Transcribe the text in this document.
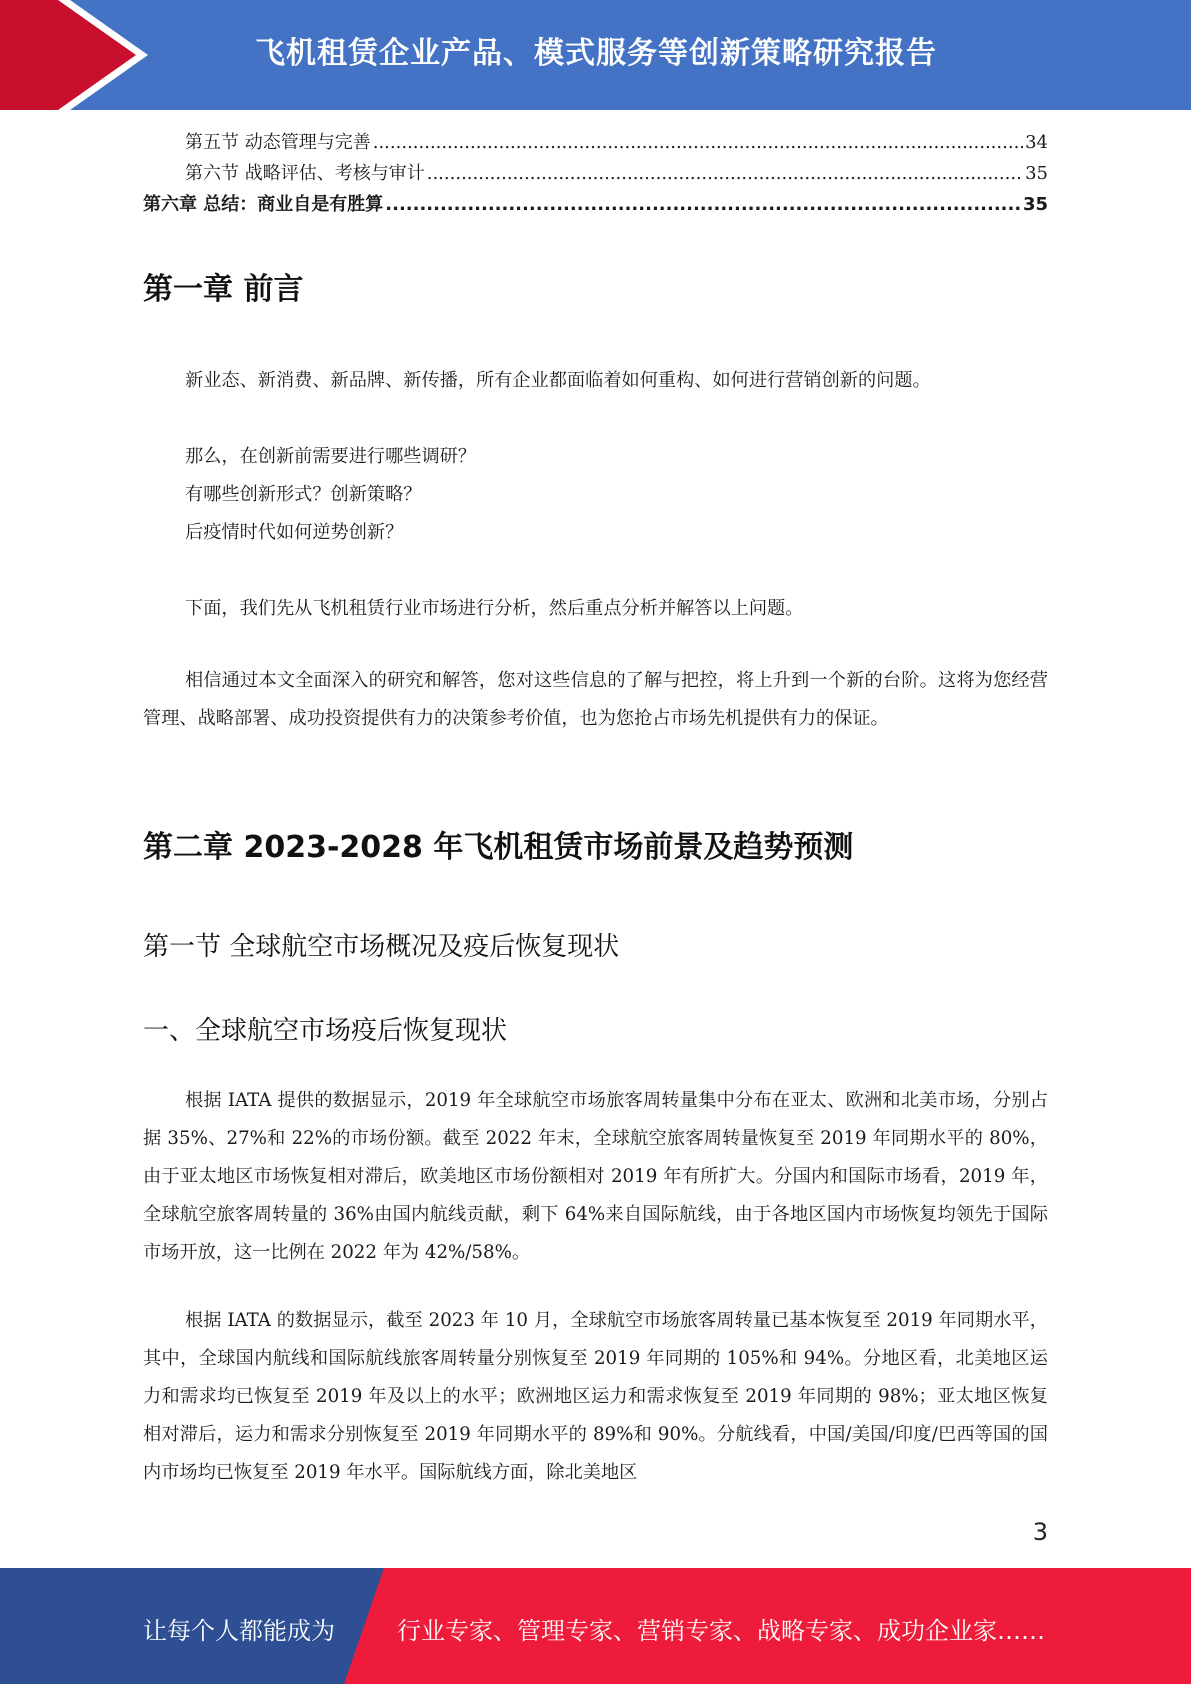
飞机租赁企业产品、模式服务等创新策略研究报告
第五节 动态管理与完善 .....	34
第六节 战略评估、考核与审计 .....	35
第六章 总结：商业自是有胜算 .....	35
第一章 前言
新业态、新消费、新品牌、新传播，所有企业都面临着如何重构、如何进行营销创新的问题。
那么，在创新前需要进行哪些调研？
有哪些创新形式？创新策略？
后疫情时代如何逆势创新？
下面，我们先从飞机租赁行业市场进行分析，然后重点分析并解答以上问题。

相信通过本文全面深入的研究和解答，您对这些信息的了解与把控，将上升到一个新的台阶。这将为您经营管理、战略部署、成功投资提供有力的决策参考价值，也为您抢占市场先机提供有力的保证。

第二章 2023-2028 年飞机租赁市场前景及趋势预测
第一节 全球航空市场概况及疫后恢复现状
一、全球航空市场疫后恢复现状

根据 IATA 提供的数据显示，2019 年全球航空市场旅客周转量集中分布在亚太、欧洲和北美市场，分别占据 35%、27%和 22%的市场份额。截至 2022 年末，全球航空旅客周转量恢复至 2019 年同期水平的 80%，由于亚太地区市场恢复相对滞后，欧美地区市场份额相对 2019 年有所扩大。分国内和国际市场看，2019 年，全球航空旅客周转量的 36%由国内航线贡献，剩下 64%来自国际航线，由于各地区国内市场恢复均领先于国际市场开放，这一比例在 2022 年为 42%/58%。

根据 IATA 的数据显示，截至 2023 年 10 月，全球航空市场旅客周转量已基本恢复至 2019 年同期水平，其中，全球国内航线和国际航线旅客周转量分别恢复至 2019 年同期的 105%和 94%。分地区看，北美地区运力和需求均已恢复至 2019 年及以上的水平；欧洲地区运力和需求恢复至 2019 年同期的 98%；亚太地区恢复相对滞后，运力和需求分别恢复至 2019 年同期水平的 89%和 90%。分航线看，中国/美国/印度/巴西等国的国内市场均已恢复至 2019 年水平。国际航线方面，除北美地区

3
让每个人都能成为	行业专家、管理专家、营销专家、战略专家、成功企业家……
